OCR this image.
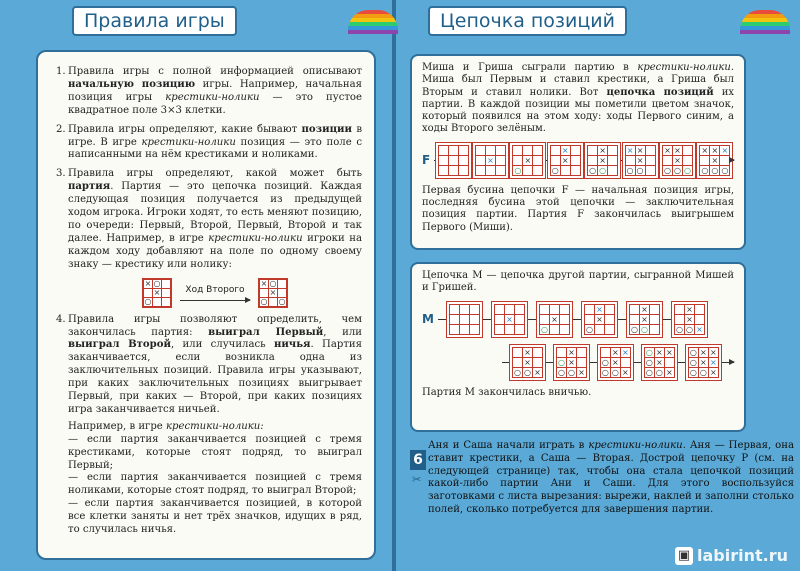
Правила игры
1. Правила игры с полной информацией описывают начальную позицию игры. Например, начальная позиция игры крестики-нолики — это пустое квадратное поле 3×3 клетки.
2. Правила игры определяют, какие бывают позиции в игре. В игре крестики-нолики позиция — это поле с написанными на нём крестиками и ноликами.
3. Правила игры определяют, какой может быть партия. Партия — это цепочка позиций. Каждая следующая позиция получается из предыдущей ходом игрока. Игроки ходят, то есть меняют позицию, по очереди: Первый, Второй, Первый, Второй и так далее. Например, в игре крестики-нолики игроки на каждом ходу добавляют на поле по одному своему знаку — крестику или нолику:
× ○
×
○
Ход Второго
× ○
×
○ ○
4. Правила игры позволяют определить, чем закончилась партия: выиграл Первый, или выиграл Второй, или случилась ничья. Партия заканчивается, если возникла одна из заключительных позиций. Правила игры указывают, при каких заключительных позициях выигрывает Первый, при каких — Второй, при каких позициях игра заканчивается ничьей.

Например, в игре крестики-нолики:

— если партия заканчивается позицией с тремя крестиками, которые стоят подряд, то выиграл Первый;

— если партия заканчивается позицией с тремя ноликами, которые стоят подряд, то выиграл Второй;

— если партия заканчивается позицией, в которой все клетки заняты и нет трёх значков, идущих в ряд, то случилась ничья.

Цепочка позиций

Миша и Гриша сыграли партию в крестики-нолики. Миша был Первым и ставил крестики, а Гриша был Вторым и ставил нолики. Вот цепочка позиций их партии. В каждой позиции мы пометили цветом значок, который появился на этом ходу: ходы Первого синим, а ходы Второго зелёным.

F	×	×
○
×
×
○
×
×
○ ○
× ×
×
○ ○
× ×
×
○ ○ ○
× × ×
×
○ ○ ○

Первая бусина цепочки F — начальная позиция игры, последняя бусина этой цепочки — заключительная позиция партии. Партия F закончилась выигрышем Первого (Миши).

Цепочка М — цепочка другой партии, сыгранной Мишей и Гришей.

М	×	×
○
×
×
○
×
×
○ ○
×
×
○ ○ ×
×
×
○ ○ ×
×
○ ×
○ ○ ×
× ×
○ ×
○ ○ ×
○ × ×
○ ×
○ ○ ×
○ × ×
○ × ×
○ ○ ×

Партия М закончилась вничью.

6
✂

Аня и Саша начали играть в крестики-нолики. Аня — Первая, она ставит крестики, а Саша — Вторая. Дострой цепочку Р (см. на следующей странице) так, чтобы она стала цепочкой позиций какой-либо партии Ани и Саши. Для этого воспользуйся заготовками с листа вырезания: вырежи, наклей и заполни столько полей, сколько потребуется для завершения партии.

▣ labirint.ru
